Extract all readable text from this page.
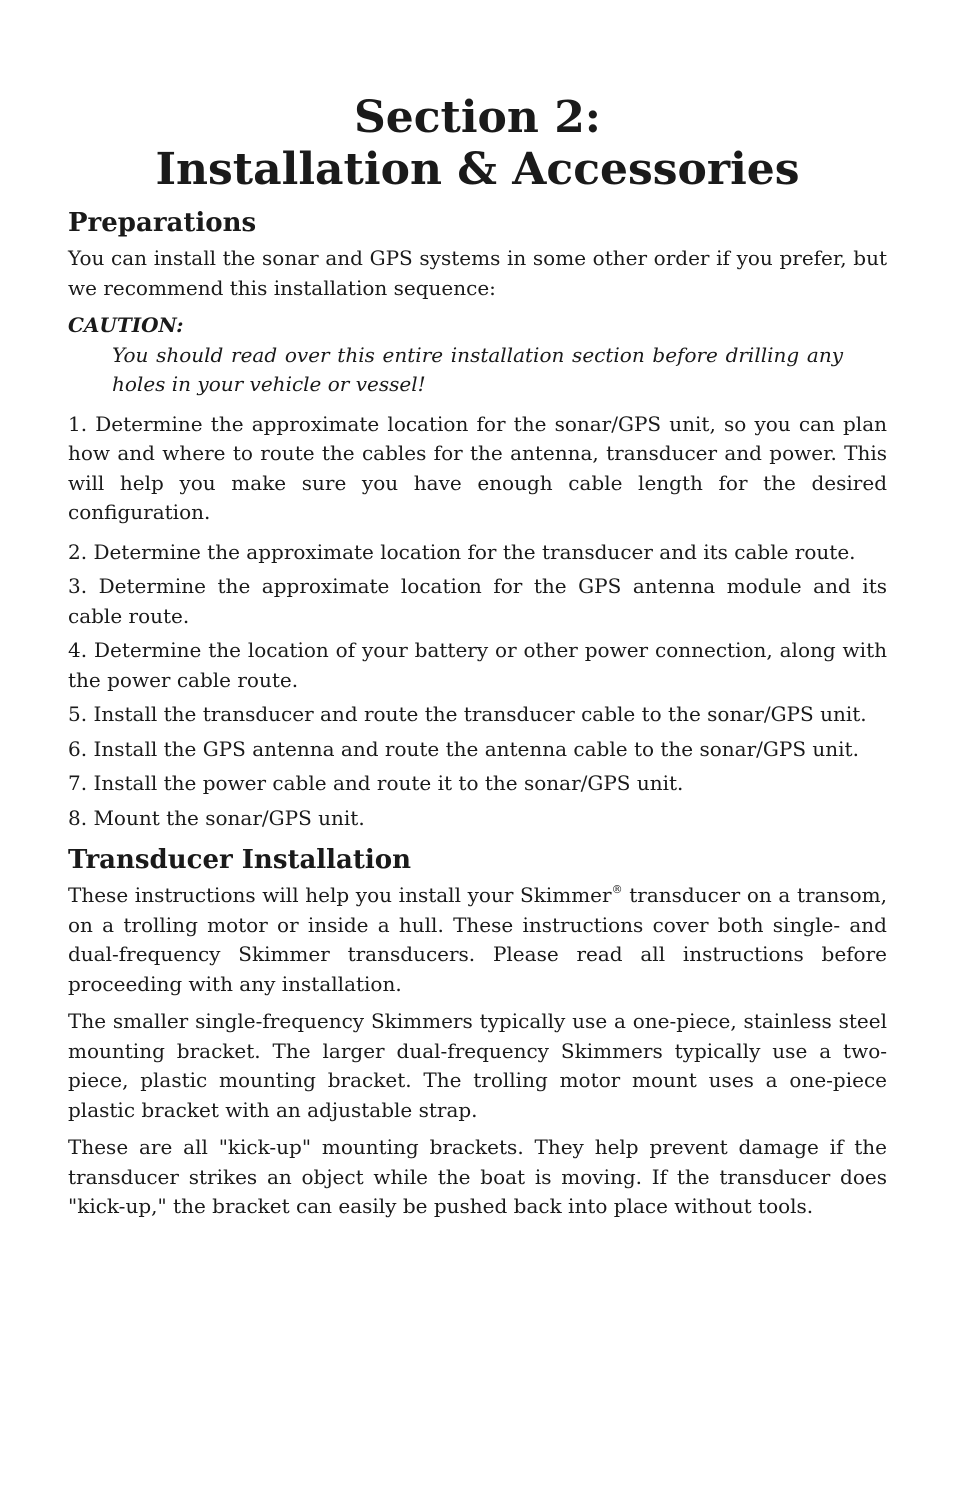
Section 2:
Installation & Accessories
Preparations

You can install the sonar and GPS systems in some other order if you prefer, but we recommend this installation sequence:

CAUTION:
You should read over this entire installation section before drilling any holes in your vehicle or vessel!

1. Determine the approximate location for the sonar/GPS unit, so you can plan how and where to route the cables for the antenna, transducer and power. This will help you make sure you have enough cable length for the desired configuration.

2. Determine the approximate location for the transducer and its cable route.

3. Determine the approximate location for the GPS antenna module and its cable route.

4. Determine the location of your battery or other power connection, along with the power cable route.

5. Install the transducer and route the transducer cable to the sonar/GPS unit.

6. Install the GPS antenna and route the antenna cable to the sonar/GPS unit.

7. Install the power cable and route it to the sonar/GPS unit.

8. Mount the sonar/GPS unit.

Transducer Installation

These instructions will help you install your Skimmer® transducer on a transom, on a trolling motor or inside a hull. These instructions cover both single- and dual-frequency Skimmer transducers. Please read all instructions before proceeding with any installation.

The smaller single-frequency Skimmers typically use a one-piece, stainless steel mounting bracket. The larger dual-frequency Skimmers typically use a two-piece, plastic mounting bracket. The trolling motor mount uses a one-piece plastic bracket with an adjustable strap.

These are all "kick-up" mounting brackets. They help prevent damage if the transducer strikes an object while the boat is moving. If the transducer does "kick-up," the bracket can easily be pushed back into place without tools.
